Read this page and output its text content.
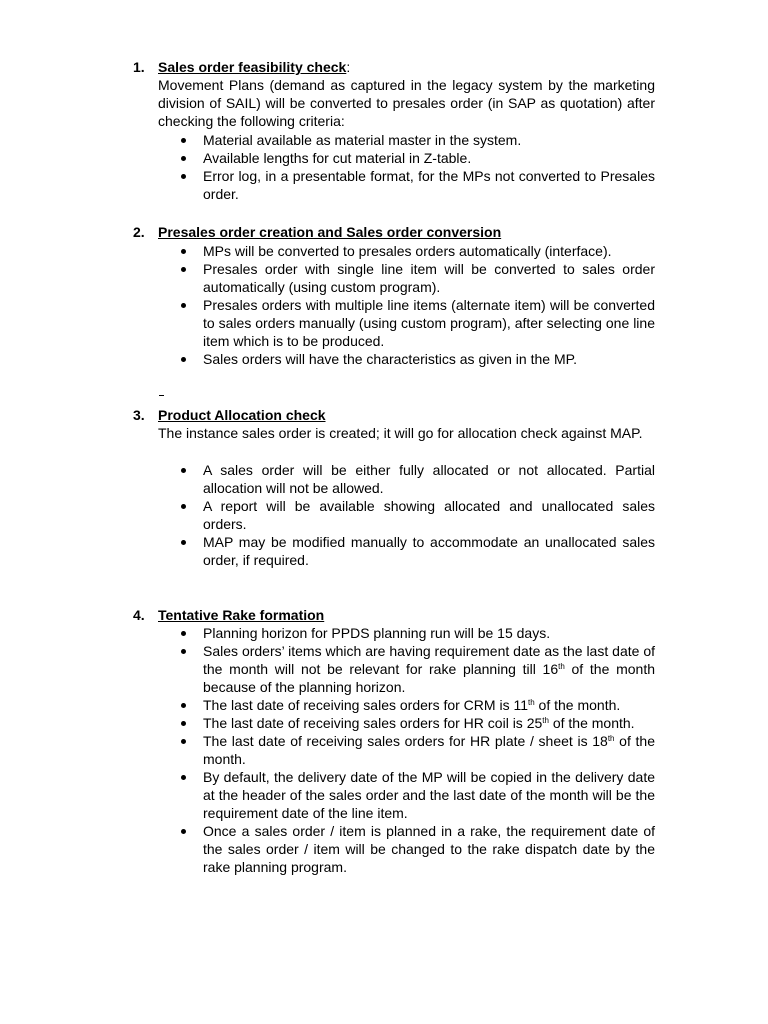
1. Sales order feasibility check:
Movement Plans (demand as captured in the legacy system by the marketing division of SAIL) will be converted to presales order (in SAP as quotation) after checking the following criteria:
Material available as material master in the system.
Available lengths for cut material in Z-table.
Error log, in a presentable format, for the MPs not converted to Presales order.
2. Presales order creation and Sales order conversion
MPs will be converted to presales orders automatically (interface).
Presales order with single line item will be converted to sales order automatically (using custom program).
Presales orders with multiple line items (alternate item) will be converted to sales orders manually (using custom program), after selecting one line item which is to be produced.
Sales orders will have the characteristics as given in the MP.
3. Product Allocation check
The instance sales order is created; it will go for allocation check against MAP.
A sales order will be either fully allocated or not allocated. Partial allocation will not be allowed.
A report will be available showing allocated and unallocated sales orders.
MAP may be modified manually to accommodate an unallocated sales order, if required.
4. Tentative Rake formation
Planning horizon for PPDS planning run will be 15 days.
Sales orders’ items which are having requirement date as the last date of the month will not be relevant for rake planning till 16th of the month because of the planning horizon.
The last date of receiving sales orders for CRM is 11th of the month.
The last date of receiving sales orders for HR coil is 25th of the month.
The last date of receiving sales orders for HR plate / sheet is 18th of the month.
By default, the delivery date of the MP will be copied in the delivery date at the header of the sales order and the last date of the month will be the requirement date of the line item.
Once a sales order / item is planned in a rake, the requirement date of the sales order / item will be changed to the rake dispatch date by the rake planning program.
